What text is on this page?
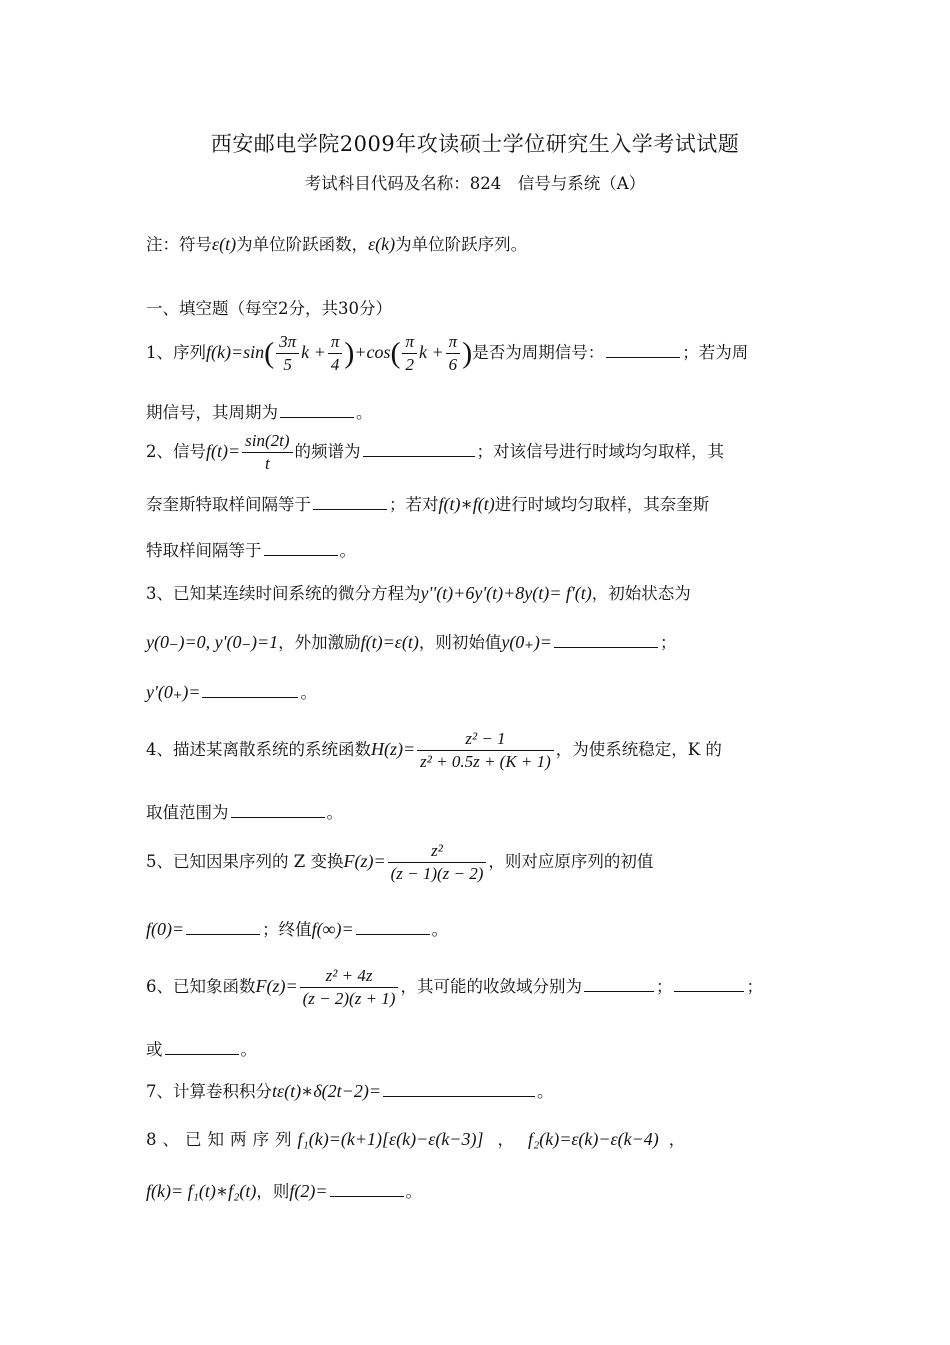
西安邮电学院2009年攻读硕士学位研究生入学考试试题
考试科目代码及名称：824　信号与系统（A）
注：符号ε(t)为单位阶跃函数，ε(k)为单位阶跃序列。
一、填空题（每空2分，共30分）
1、序列$f(k)=\sin( \frac{3\pi}{5}$ $k + \frac{\pi}{4} )+\cos( \frac{\pi}{2}$ $k + \frac{\pi}{6}$ )是否为周期信号：	；若为周
期信号，其周期为	。
2、信号$f(t)= \frac{\sin(2t)}{t}$ 的频谱为	；对该信号进行时域均匀取样，其
奈奎斯特取样间隔等于	；若对f(t)∗f(t)进行时域均匀取样，其奈奎斯
特取样间隔等于	。
3、已知某连续时间系统的微分方程为y''(t)+6y'(t)+8y(t)= f'(t)，初始状态为
y(0₋)=0, y'(0₋)=1，外加激励f(t)=ε(t)，则初始值y(0₊)=	；
y'(0₊)=	。
4、描述某离散系统的系统函数$H(z)= \frac{\text{z² − 1}}{\text{z² + 0.5z + (K + 1)}}$ ，为使系统稳定，K 的
取值范围为	。
5、已知因果序列的 Z 变换$F(z)= \frac{\text{z²}}{(z - 1)(z - 2)}$ ，则对应原序列的初值
f(0)=	；终值f(∞)=	。
6、已知象函数$F(z)= \frac{\text{z² + 4z}}{(z - 2)(z + 1)}$ ，其可能的收敛域分别为	；	；
或	。
7、计算卷积积分tε(t)∗δ(2t−2)=	。
8、已知两序列f₁(k)=(k+1)[ε(k)−ε(k−3)] ， f₂(k)=ε(k)−ε(k−4) ，
f(k)= f₁(t)∗f₂(t)，则f(2)=	。
